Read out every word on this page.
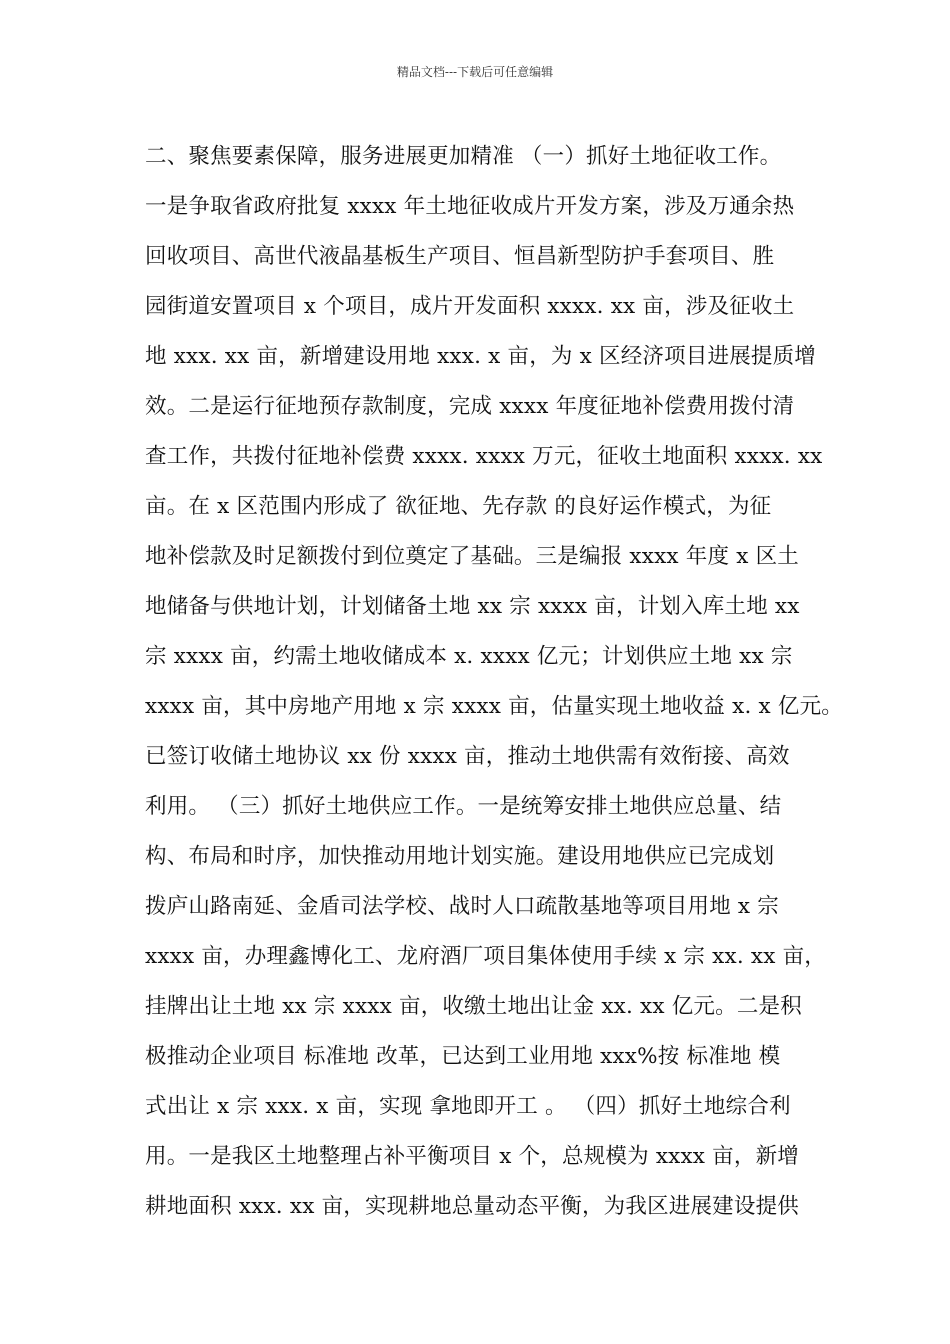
精品文档---下载后可任意编辑
二、聚焦要素保障，服务进展更加精准 （一）抓好土地征收工作。
一是争取省政府批复 xxxx 年土地征收成片开发方案，涉及万通余热
回收项目、高世代液晶基板生产项目、恒昌新型防护手套项目、胜
园街道安置项目 x 个项目，成片开发面积 xxxx. xx 亩，涉及征收土
地 xxx. xx 亩，新增建设用地 xxx. x 亩，为 x 区经济项目进展提质增
效。二是运行征地预存款制度，完成 xxxx 年度征地补偿费用拨付清
查工作，共拨付征地补偿费 xxxx. xxxx 万元，征收土地面积 xxxx. xx
亩。在 x 区范围内形成了 欲征地、先存款 的良好运作模式，为征
地补偿款及时足额拨付到位奠定了基础。三是编报 xxxx 年度 x 区土
地储备与供地计划，计划储备土地 xx 宗 xxxx 亩，计划入库土地 xx
宗 xxxx 亩，约需土地收储成本 x. xxxx 亿元；计划供应土地 xx 宗
xxxx 亩，其中房地产用地 x 宗 xxxx 亩，估量实现土地收益 x. x 亿元。
已签订收储土地协议 xx 份 xxxx 亩，推动土地供需有效衔接、高效
利用。 （三）抓好土地供应工作。一是统筹安排土地供应总量、结
构、布局和时序，加快推动用地计划实施。建设用地供应已完成划
拨庐山路南延、金盾司法学校、战时人口疏散基地等项目用地 x 宗
xxxx 亩，办理鑫博化工、龙府酒厂项目集体使用手续 x 宗 xx. xx 亩，
挂牌出让土地 xx 宗 xxxx 亩，收缴土地出让金 xx. xx 亿元。二是积
极推动企业项目 标准地 改革，已达到工业用地 xxx%按 标准地 模
式出让 x 宗 xxx. x 亩，实现 拿地即开工 。 （四）抓好土地综合利
用。一是我区土地整理占补平衡项目 x 个，总规模为 xxxx 亩，新增
耕地面积 xxx. xx 亩，实现耕地总量动态平衡，为我区进展建设提供
